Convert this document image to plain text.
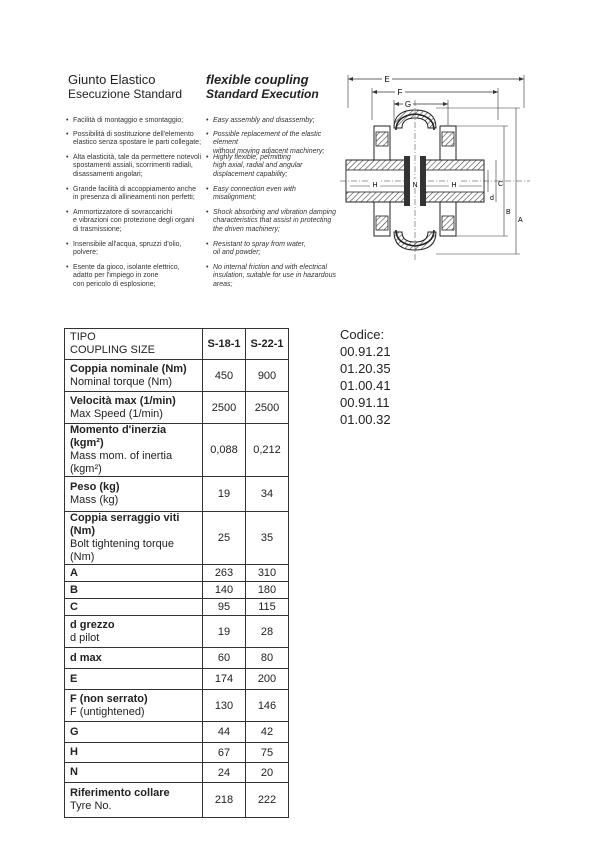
Giunto Elastico
Esecuzione Standard
flexible coupling
Standard Execution
• Facilità di montaggio e smontaggio;
• Possibilità di sostituzione dell'elemento
elastico senza spostare le parti collegate;
• Alta elasticità, tale da permettere notevoli
spostamenti assiali, scorrimenti radiali,
disassamenti angolari;
• Grande facilità di accoppiamento anche
in presenza di allineamenti non perfetti;
• Ammortizzatore di sovraccarichi
e vibrazioni con protezione degli organi
di trasmissione;
• Insensibile all'acqua, spruzzi d'olio,
polvere;
• Esente da gioco, isolante elettrico,
adatto per l'impiego in zone
con pericolo di esplosione;
• Easy assembly and disassemby;
• Possible replacement of the elastic element
without moving adjacent machinery;
• Highly flexible, permitting
high axial, radial and angular
displacement capability;
• Easy connection even with
misalignment;
• Shock absorbing and vibration damping
characteristics that assist in protecting
the driven machinery;
• Resistant to spray from water,
oil and powder;
• No internal friction and with electrical
insulation, suitable for use in hazardous
areas;
E
F
G
H	N	H
d
C
B
A
TIPO
COUPLING SIZE	S-18-1	S-22-1

Coppia nominale (Nm)
Nominal torque (Nm)	450	900

Velocità max (1/min)
Max Speed (1/min)	2500	2500

Momento d'inerzia (kgm²)
Mass mom. of inertia (kgm²)	0,088	0,212

Peso (kg)
Mass (kg)	19	34

Coppia serraggio viti (Nm)
Bolt tightening torque (Nm)	25	35

A	263	310

B	140	180

C	95	115

d grezzo
d pilot	19	28

d max	60	80

E	174	200

F (non serrato)
F (untightened)	130	146

G	44	42

H	67	75

N	24	20

Riferimento collare
Tyre No.	218	222
Codice:
00.91.21
01.20.35
01.00.41
00.91.11
01.00.32
